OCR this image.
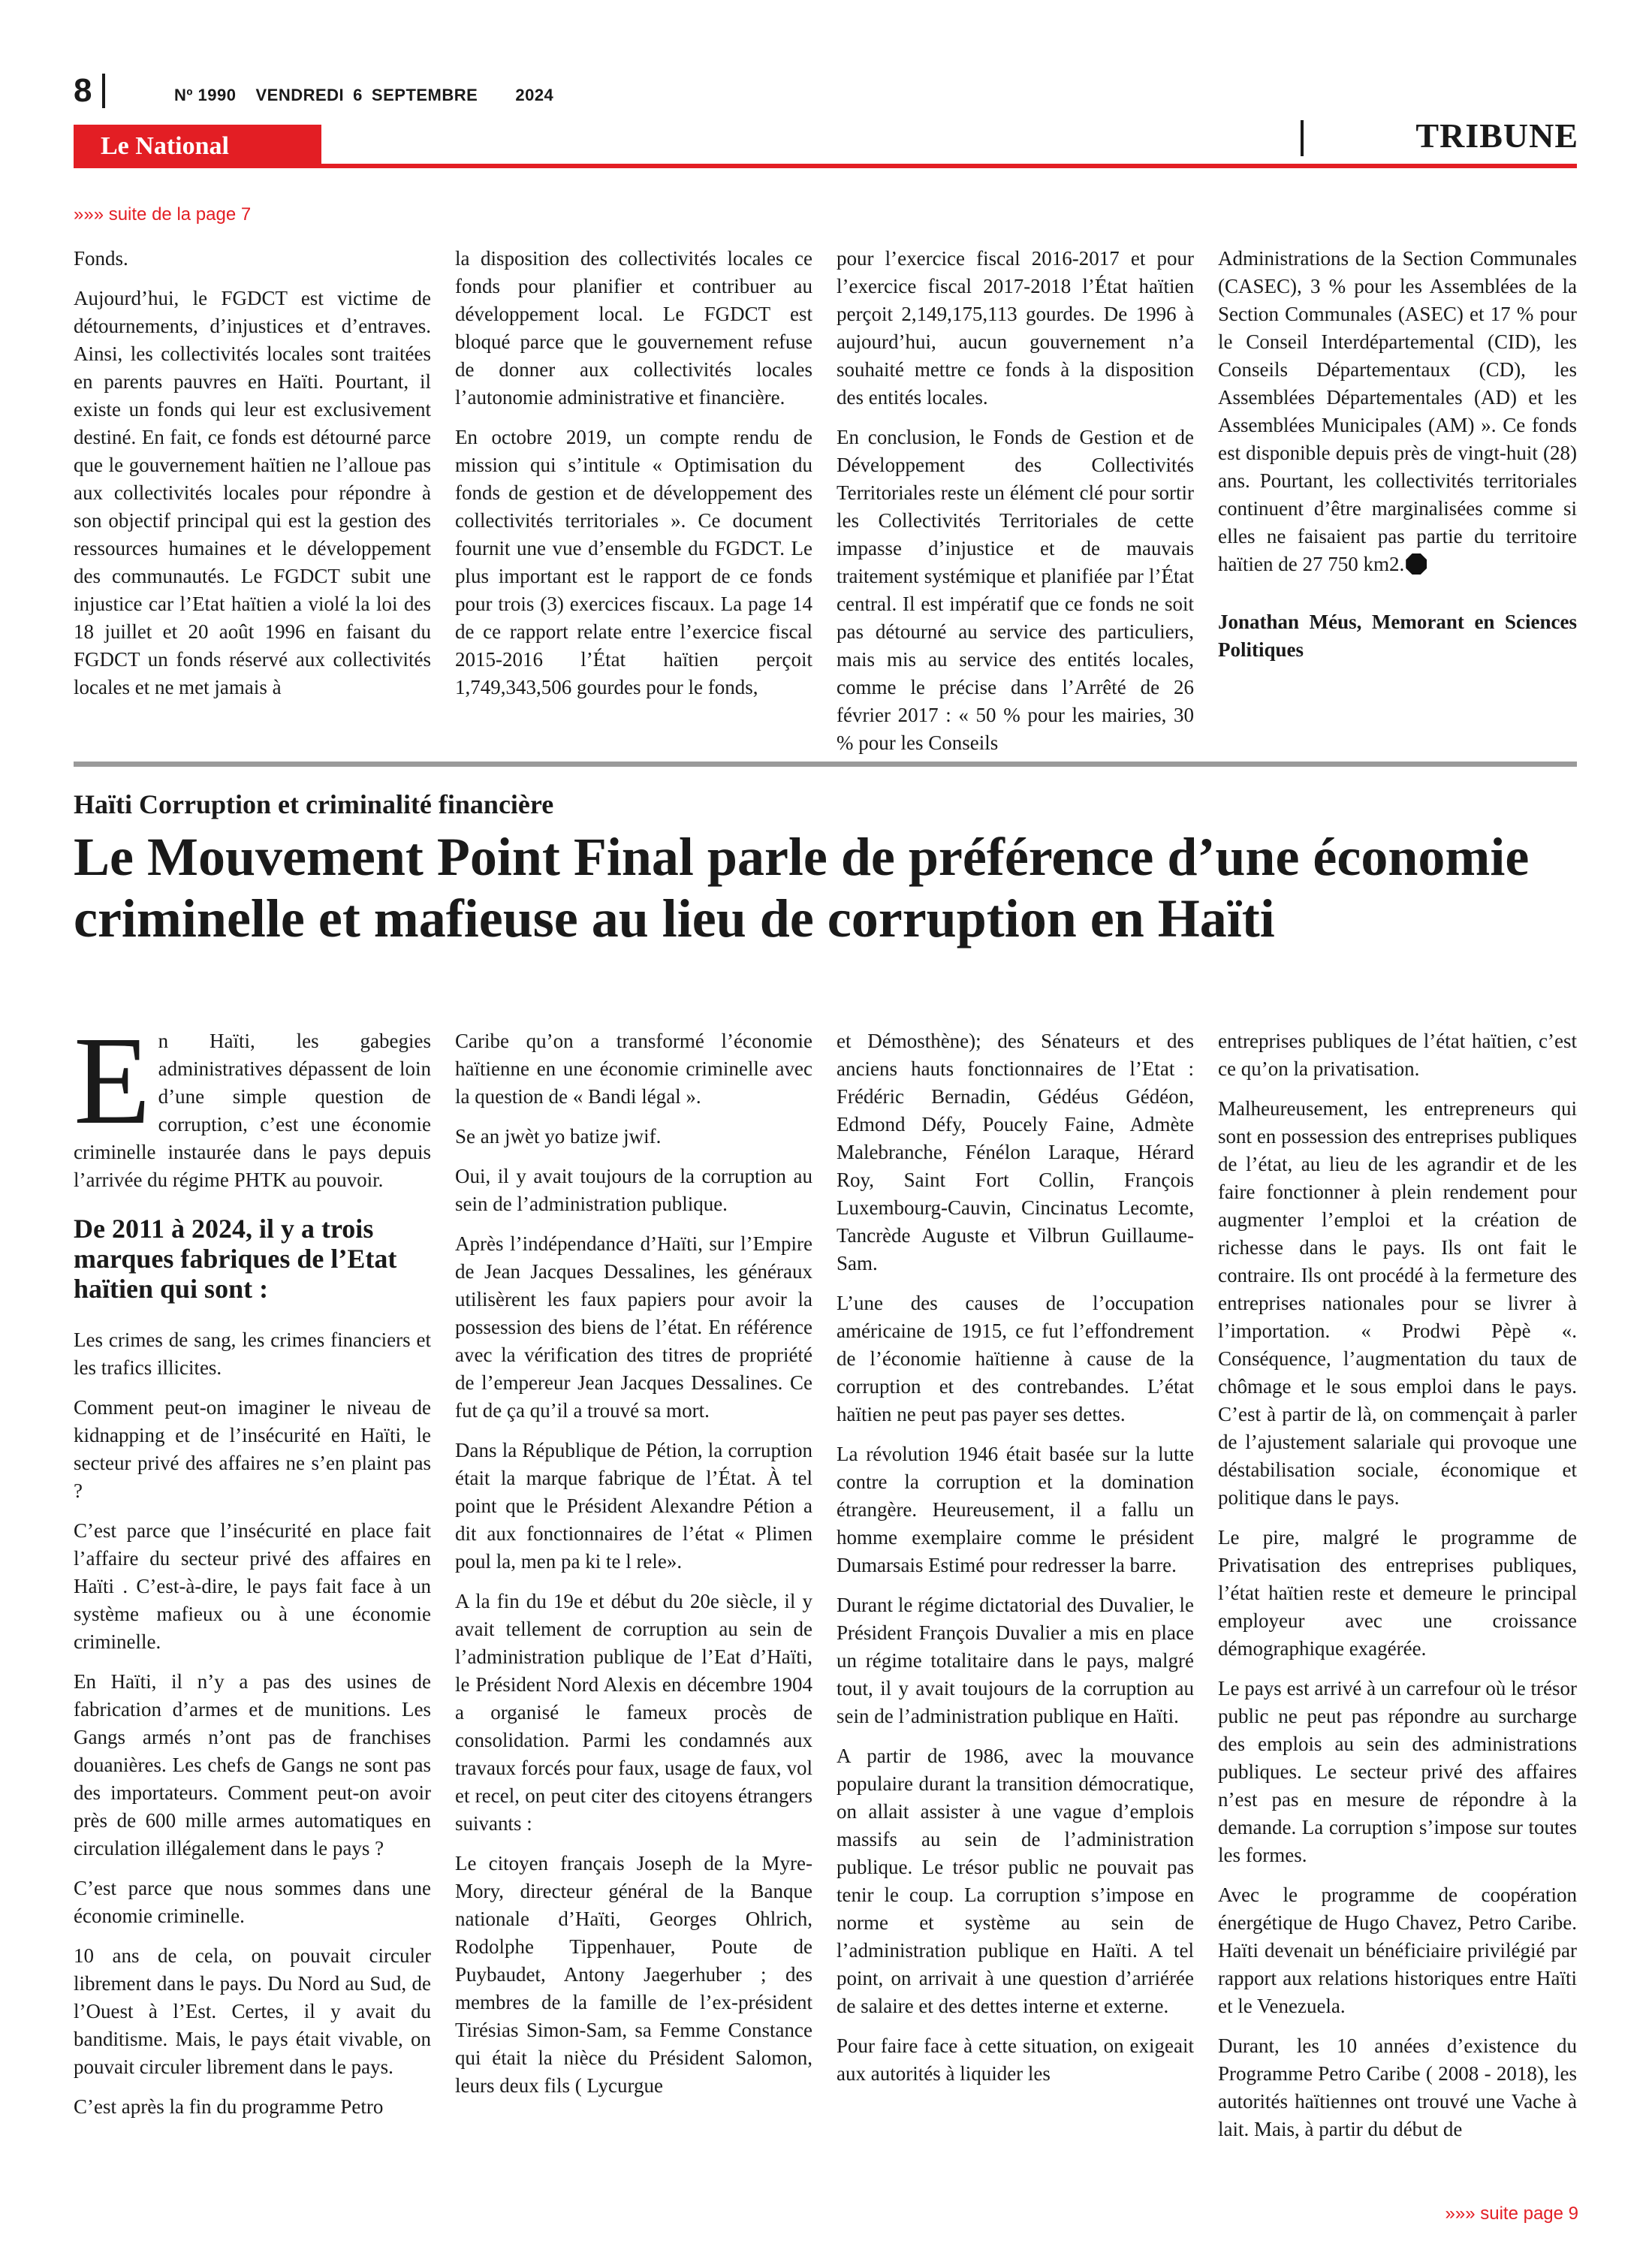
8	Nº 1990 VENDREDI 6 SEPTEMBRE 2024
Le National	TRIBUNE
»»» suite de la page 7

Fonds.

Aujourd’hui, le FGDCT est victime de détournements, d’injustices et d’entraves. Ainsi, les collectivités locales sont traitées en parents pauvres en Haïti. Pourtant, il existe un fonds qui leur est exclusivement destiné. En fait, ce fonds est détourné parce que le gouvernement haïtien ne l’alloue pas aux collectivités locales pour répondre à son objectif principal qui est la gestion des ressources humaines et le développement des communautés. Le FGDCT subit une injustice car l’Etat haïtien a violé la loi des 18 juillet et 20 août 1996 en faisant du FGDCT un fonds réservé aux collectivités locales et ne met jamais à

la disposition des collectivités locales ce fonds pour planifier et contribuer au développement local. Le FGDCT est bloqué parce que le gouvernement refuse de donner aux collectivités locales l’autonomie administrative et financière.

En octobre 2019, un compte rendu de mission qui s’intitule « Optimisation du fonds de gestion et de développement des collectivités territoriales ». Ce document fournit une vue d’ensemble du FGDCT. Le plus important est le rapport de ce fonds pour trois (3) exercices fiscaux. La page 14 de ce rapport relate entre l’exercice fiscal 2015-2016 l’État haïtien perçoit 1,749,343,506 gourdes pour le fonds,

pour l’exercice fiscal 2016-2017 et pour l’exercice fiscal 2017-2018 l’État haïtien perçoit 2,149,175,113 gourdes. De 1996 à aujourd’hui, aucun gouvernement n’a souhaité mettre ce fonds à la disposition des entités locales.

En conclusion, le Fonds de Gestion et de Développement des Collectivités Territoriales reste un élément clé pour sortir les Collectivités Territoriales de cette impasse d’injustice et de mauvais traitement systémique et planifiée par l’État central. Il est impératif que ce fonds ne soit pas détourné au service des particuliers, mais mis au service des entités locales, comme le précise dans l’Arrêté de 26 février 2017 : « 50 % pour les mairies, 30 % pour les Conseils

Administrations de la Section Communales (CASEC), 3 % pour les Assemblées de la Section Communales (ASEC) et 17 % pour le Conseil Interdépartemental (CID), les Conseils Départementaux (CD), les Assemblées Départementales (AD) et les Assemblées Municipales (AM) ». Ce fonds est disponible depuis près de vingt-huit (28) ans. Pourtant, les collectivités territoriales continuent d’être marginalisées comme si elles ne faisaient pas partie du territoire haïtien de 27 750 km2.

Jonathan Méus, Memorant en Sciences Politiques

Haïti Corruption et criminalité financière
Le Mouvement Point Final parle de préférence d’une économie criminelle et mafieuse au lieu de corruption en Haïti

En Haïti, les gabegies administratives dépassent de loin d’une simple question de corruption, c’est une économie criminelle instaurée dans le pays depuis l’arrivée du régime PHTK au pouvoir.

De 2011 à 2024, il y a trois marques fabriques de l’Etat haïtien qui sont :

Les crimes de sang, les crimes financiers et les trafics illicites.

Comment peut-on imaginer le niveau de kidnapping et de l’insécurité en Haïti, le secteur privé des affaires ne s’en plaint pas ?

C’est parce que l’insécurité en place fait l’affaire du secteur privé des affaires en Haïti . C’est-à-dire, le pays fait face à un système mafieux ou à une économie criminelle.

En Haïti, il n’y a pas des usines de fabrication d’armes et de munitions. Les Gangs armés n’ont pas de franchises douanières. Les chefs de Gangs ne sont pas des importateurs. Comment peut-on avoir près de 600 mille armes automatiques en circulation illégalement dans le pays ?

C’est parce que nous sommes dans une économie criminelle.

10 ans de cela, on pouvait circuler librement dans le pays. Du Nord au Sud, de l’Ouest à l’Est. Certes, il y avait du banditisme. Mais, le pays était vivable, on pouvait circuler librement dans le pays.

C’est après la fin du programme Petro

Caribe qu’on a transformé l’économie haïtienne en une économie criminelle avec la question de « Bandi légal ».

Se an jwèt yo batize jwif.

Oui, il y avait toujours de la corruption au sein de l’administration publique.

Après l’indépendance d’Haïti, sur l’Empire de Jean Jacques Dessalines, les généraux utilisèrent les faux papiers pour avoir la possession des biens de l’état. En référence avec la vérification des titres de propriété de l’empereur Jean Jacques Dessalines. Ce fut de ça qu’il a trouvé sa mort.

Dans la République de Pétion, la corruption était la marque fabrique de l’État. À tel point que le Président Alexandre Pétion a dit aux fonctionnaires de l’état « Plimen poul la, men pa ki te l rele».

A la fin du 19e et début du 20e siècle, il y avait tellement de corruption au sein de l’administration publique de l’Eat d’Haïti, le Président Nord Alexis en décembre 1904 a organisé le fameux procès de consolidation. Parmi les condamnés aux travaux forcés pour faux, usage de faux, vol et recel, on peut citer des citoyens étrangers suivants :

Le citoyen français Joseph de la Myre-Mory, directeur général de la Banque nationale d’Haïti, Georges Ohlrich, Rodolphe Tippenhauer, Poute de Puybaudet, Antony Jaegerhuber ; des membres de la famille de l’ex-président Tirésias Simon-Sam, sa Femme Constance qui était la nièce du Président Salomon, leurs deux fils ( Lycurgue

et Démosthène); des Sénateurs et des anciens hauts fonctionnaires de l’Etat : Frédéric Bernadin, Gédéus Gédéon, Edmond Défy, Poucely Faine, Admète Malebranche, Fénélon Laraque, Hérard Roy, Saint Fort Collin, François Luxembourg-Cauvin, Cincinatus Lecomte, Tancrède Auguste et Vilbrun Guillaume-Sam.

L’une des causes de l’occupation américaine de 1915, ce fut l’effondrement de l’économie haïtienne à cause de la corruption et des contrebandes. L’état haïtien ne peut pas payer ses dettes.

La révolution 1946 était basée sur la lutte contre la corruption et la domination étrangère. Heureusement, il a fallu un homme exemplaire comme le président Dumarsais Estimé pour redresser la barre.

Durant le régime dictatorial des Duvalier, le Président François Duvalier a mis en place un régime totalitaire dans le pays, malgré tout, il y avait toujours de la corruption au sein de l’administration publique en Haïti.

A partir de 1986, avec la mouvance populaire durant la transition démocratique, on allait assister à une vague d’emplois massifs au sein de l’administration publique. Le trésor public ne pouvait pas tenir le coup. La corruption s’impose en norme et système au sein de l’administration publique en Haïti. A tel point, on arrivait à une question d’arriérée de salaire et des dettes interne et externe.

Pour faire face à cette situation, on exigeait aux autorités à liquider les

entreprises publiques de l’état haïtien, c’est ce qu’on la privatisation.

Malheureusement, les entrepreneurs qui sont en possession des entreprises publiques de l’état, au lieu de les agrandir et de les faire fonctionner à plein rendement pour augmenter l’emploi et la création de richesse dans le pays. Ils ont fait le contraire. Ils ont procédé à la fermeture des entreprises nationales pour se livrer à l’importation. « Prodwi Pèpè «. Conséquence, l’augmentation du taux de chômage et le sous emploi dans le pays. C’est à partir de là, on commençait à parler de l’ajustement salariale qui provoque une déstabilisation sociale, économique et politique dans le pays.

Le pire, malgré le programme de Privatisation des entreprises publiques, l’état haïtien reste et demeure le principal employeur avec une croissance démographique exagérée.

Le pays est arrivé à un carrefour où le trésor public ne peut pas répondre au surcharge des emplois au sein des administrations publiques. Le secteur privé des affaires n’est pas en mesure de répondre à la demande. La corruption s’impose sur toutes les formes.

Avec le programme de coopération énergétique de Hugo Chavez, Petro Caribe. Haïti devenait un bénéficiaire privilégié par rapport aux relations historiques entre Haïti et le Venezuela.

Durant, les 10 années d’existence du Programme Petro Caribe ( 2008 - 2018), les autorités haïtiennes ont trouvé une Vache à lait. Mais, à partir du début de

»»» suite page 9
